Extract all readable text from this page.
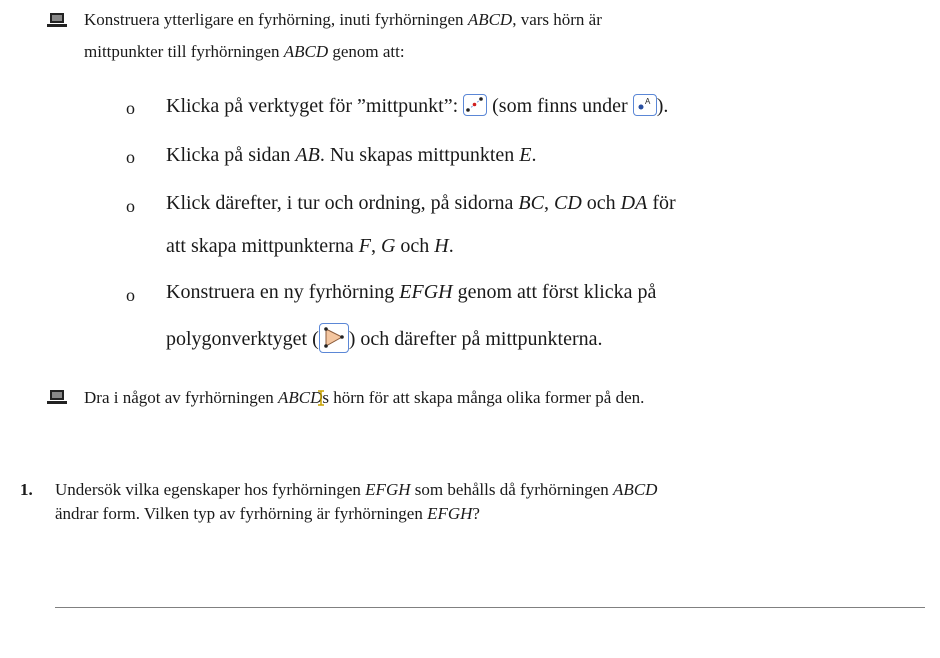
Konstruera ytterligare en fyrhörning, inuti fyrhörningen ABCD, vars hörn är
mittpunkter till fyrhörningen ABCD genom att:
o Klicka på verktyget för ”mittpunkt”:
(som finns under A ).
o Klicka på sidan AB. Nu skapas mittpunkten E.
o Klick därefter, i tur och ordning, på sidorna BC, CD och DA för
att skapa mittpunkterna F, G och H.
o Konstruera en ny fyrhörning EFGH genom att först klicka på
polygonverktyget ( ) och därefter på mittpunkterna.
Dra i något av fyrhörningen ABCDs hörn för att skapa många olika former på den.
1. Undersök vilka egenskaper hos fyrhörningen EFGH som behålls då fyrhörningen ABCD
ändrar form. Vilken typ av fyrhörning är fyrhörningen EFGH?
